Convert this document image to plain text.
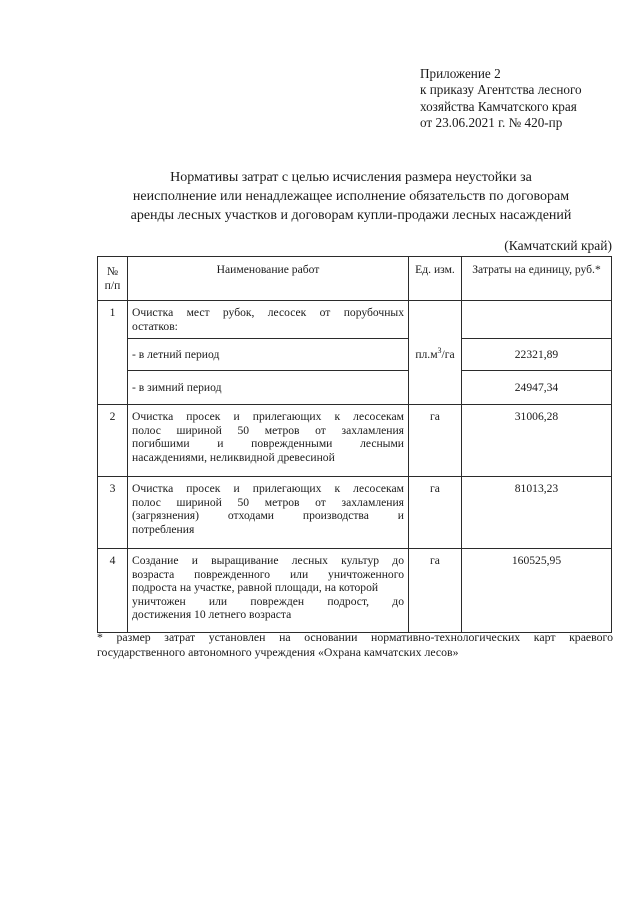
Приложение 2
к приказу Агентства лесного
хозяйства Камчатского края
от 23.06.2021 г. № 420-пр
Нормативы затрат с целью исчисления размера неустойки за
неисполнение или ненадлежащее исполнение обязательств по договорам
аренды лесных участков и договорам купли-продажи лесных насаждений
(Камчатский край)
№
п/п	Наименование работ	Ед. изм.	Затраты на единицу, руб.*
1	Очистка мест рубок, лесосек от порубочных
остатков:	$пл.м^3/га$	
	- в летний период		22321,89
	- в зимний период		24947,34
2	Очистка просек и прилегающих к лесосекам
полос шириной 50 метров от захламления
погибшими и поврежденными лесными
насаждениями, неликвидной древесиной	га	31006,28
3	Очистка просек и прилегающих к лесосекам
полос шириной 50 метров от захламления
(загрязнения) отходами производства и
потребления	га	81013,23
4	Создание и выращивание лесных культур до
возраста поврежденного или уничтоженного
подроста на участке, равной площади, на которой
уничтожен или поврежден подрост, до
достижения 10 летнего возраста	га	160525,95
* размер затрат установлен на основании нормативно-технологических карт краевого государственного автономного учреждения «Охрана камчатских лесов»
